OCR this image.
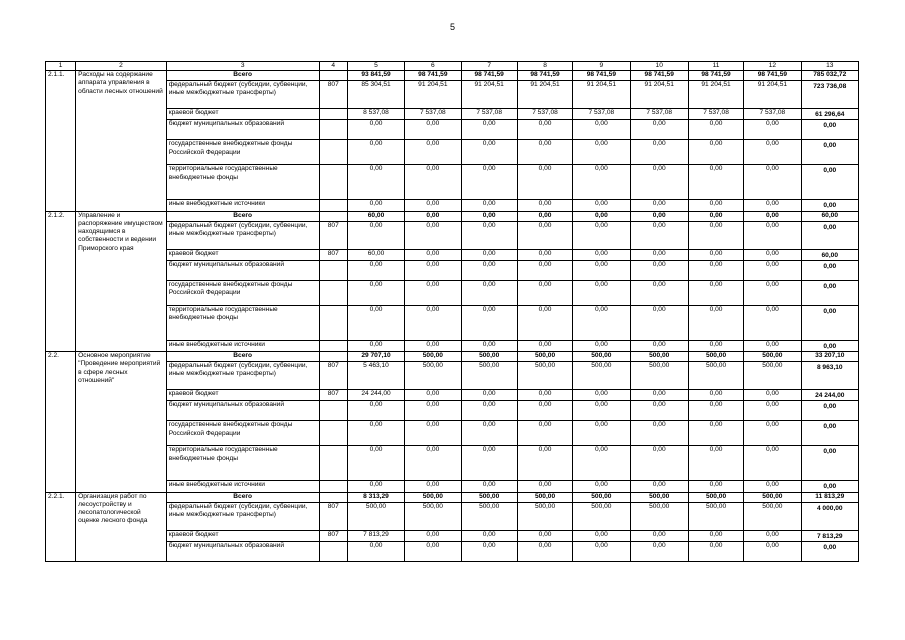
5
1	2	3	4	5	6	7	8	9	10	11	12	13
2.1.1.	Расходы на содержание аппарата управления в области лесных отношений	Всего		93 841,59	98 741,59	98 741,59	98 741,59	98 741,59	98 741,59	98 741,59	98 741,59	785 032,72
		федеральный бюджет (субсидии, субвенции, иные межбюджетные трансферты)	807	85 304,51	91 204,51	91 204,51	91 204,51	91 204,51	91 204,51	91 204,51	91 204,51	723 736,08
		краевой бюджет		8 537,08	7 537,08	7 537,08	7 537,08	7 537,08	7 537,08	7 537,08	7 537,08	61 296,64
		бюджет муниципальных образований		0,00	0,00	0,00	0,00	0,00	0,00	0,00	0,00	0,00
		государственные внебюджетные фонды Российской Федерации		0,00	0,00	0,00	0,00	0,00	0,00	0,00	0,00	0,00
		территориальные государственные внебюджетные фонды		0,00	0,00	0,00	0,00	0,00	0,00	0,00	0,00	0,00
		иные внебюджетные источники		0,00	0,00	0,00	0,00	0,00	0,00	0,00	0,00	0,00
2.1.2.	Управление и распоряжение имуществом находящимся в собственности и ведении Приморского края	Всего		60,00	0,00	0,00	0,00	0,00	0,00	0,00	0,00	60,00
		федеральный бюджет (субсидии, субвенции, иные межбюджетные трансферты)	807	0,00	0,00	0,00	0,00	0,00	0,00	0,00	0,00	0,00
		краевой бюджет	807	60,00	0,00	0,00	0,00	0,00	0,00	0,00	0,00	60,00
		бюджет муниципальных образований		0,00	0,00	0,00	0,00	0,00	0,00	0,00	0,00	0,00
		государственные внебюджетные фонды Российской Федерации		0,00	0,00	0,00	0,00	0,00	0,00	0,00	0,00	0,00
		территориальные государственные внебюджетные фонды		0,00	0,00	0,00	0,00	0,00	0,00	0,00	0,00	0,00
		иные внебюджетные источники		0,00	0,00	0,00	0,00	0,00	0,00	0,00	0,00	0,00
2.2.	Основное мероприятие "Проведение мероприятий в сфере лесных отношений"	Всего		29 707,10	500,00	500,00	500,00	500,00	500,00	500,00	500,00	33 207,10
		федеральный бюджет (субсидии, субвенции, иные межбюджетные трансферты)	807	5 463,10	500,00	500,00	500,00	500,00	500,00	500,00	500,00	8 963,10
		краевой бюджет	807	24 244,00	0,00	0,00	0,00	0,00	0,00	0,00	0,00	24 244,00
		бюджет муниципальных образований		0,00	0,00	0,00	0,00	0,00	0,00	0,00	0,00	0,00
		государственные внебюджетные фонды Российской Федерации		0,00	0,00	0,00	0,00	0,00	0,00	0,00	0,00	0,00
		территориальные государственные внебюджетные фонды		0,00	0,00	0,00	0,00	0,00	0,00	0,00	0,00	0,00
		иные внебюджетные источники		0,00	0,00	0,00	0,00	0,00	0,00	0,00	0,00	0,00
2.2.1.	Организация работ по лесоустройству и лесопатологической оценке лесного фонда	Всего		8 313,29	500,00	500,00	500,00	500,00	500,00	500,00	500,00	11 813,29
		федеральный бюджет (субсидии, субвенции, иные межбюджетные трансферты)	807	500,00	500,00	500,00	500,00	500,00	500,00	500,00	500,00	4 000,00
		краевой бюджет	807	7 813,29	0,00	0,00	0,00	0,00	0,00	0,00	0,00	7 813,29
		бюджет муниципальных образований		0,00	0,00	0,00	0,00	0,00	0,00	0,00	0,00	0,00
